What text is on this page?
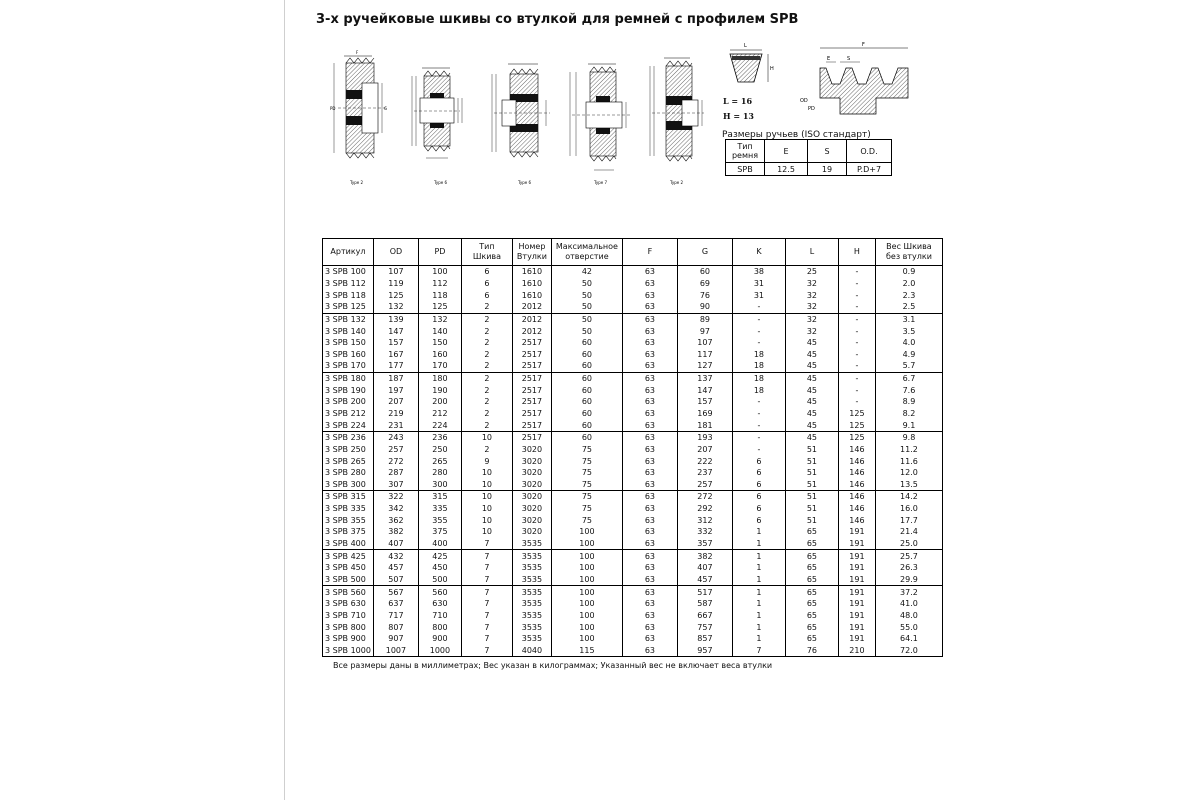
3-х ручейковые шкивы со втулкой для ремней с профилем SPB
F
PD	G
Type 2	Type 6	Type 6	Type 7	Type 2
L
H
F
E	S
OD
PD
L = 16
H = 13
Размеры ручьев (ISO стандарт)
Тип ремня	E	S	O.D.
SPB	12.5	19	P.D+7
Артикул	OD	PD	Тип Шкива	Номер Втулки	Максимальное отверстие	F	G	K	L	H	Вес Шкива без втулки
3 SPB 100	107	100	6	1610	42	63	60	38	25	-	0.9
3 SPB 112	119	112	6	1610	50	63	69	31	32	-	2.0
3 SPB 118	125	118	6	1610	50	63	76	31	32	-	2.3
3 SPB 125	132	125	2	2012	50	63	90	-	32	-	2.5
3 SPB 132	139	132	2	2012	50	63	89	-	32	-	3.1
3 SPB 140	147	140	2	2012	50	63	97	-	32	-	3.5
3 SPB 150	157	150	2	2517	60	63	107	-	45	-	4.0
3 SPB 160	167	160	2	2517	60	63	117	18	45	-	4.9
3 SPB 170	177	170	2	2517	60	63	127	18	45	-	5.7
3 SPB 180	187	180	2	2517	60	63	137	18	45	-	6.7
3 SPB 190	197	190	2	2517	60	63	147	18	45	-	7.6
3 SPB 200	207	200	2	2517	60	63	157	-	45	-	8.9
3 SPB 212	219	212	2	2517	60	63	169	-	45	125	8.2
3 SPB 224	231	224	2	2517	60	63	181	-	45	125	9.1
3 SPB 236	243	236	10	2517	60	63	193	-	45	125	9.8
3 SPB 250	257	250	2	3020	75	63	207	-	51	146	11.2
3 SPB 265	272	265	9	3020	75	63	222	6	51	146	11.6
3 SPB 280	287	280	10	3020	75	63	237	6	51	146	12.0
3 SPB 300	307	300	10	3020	75	63	257	6	51	146	13.5
3 SPB 315	322	315	10	3020	75	63	272	6	51	146	14.2
3 SPB 335	342	335	10	3020	75	63	292	6	51	146	16.0
3 SPB 355	362	355	10	3020	75	63	312	6	51	146	17.7
3 SPB 375	382	375	10	3020	100	63	332	1	65	191	21.4
3 SPB 400	407	400	7	3535	100	63	357	1	65	191	25.0
3 SPB 425	432	425	7	3535	100	63	382	1	65	191	25.7
3 SPB 450	457	450	7	3535	100	63	407	1	65	191	26.3
3 SPB 500	507	500	7	3535	100	63	457	1	65	191	29.9
3 SPB 560	567	560	7	3535	100	63	517	1	65	191	37.2
3 SPB 630	637	630	7	3535	100	63	587	1	65	191	41.0
3 SPB 710	717	710	7	3535	100	63	667	1	65	191	48.0
3 SPB 800	807	800	7	3535	100	63	757	1	65	191	55.0
3 SPB 900	907	900	7	3535	100	63	857	1	65	191	64.1
3 SPB 1000	1007	1000	7	4040	115	63	957	7	76	210	72.0
Все размеры даны в миллиметрах; Вес указан в килограммах; Указанный вес не включает веса втулки
